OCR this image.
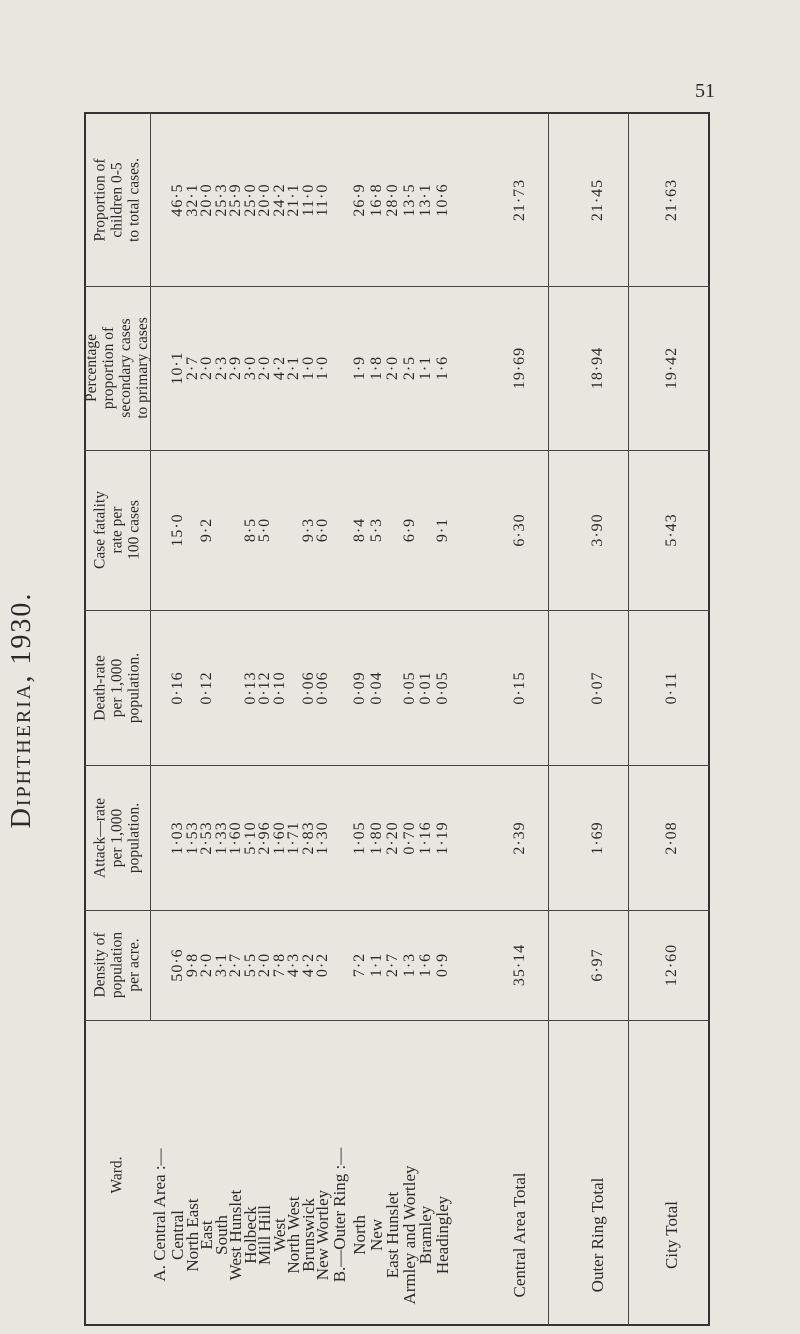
51
Diphtheria, 1930.
Proportion of children 0-5 to total cases.
Percentage proportion of secondary cases to primary cases
Case fatality rate per 100 cases
Death-rate per 1,000 population.
Attack—rate per 1,000 population.
Density of population per acre.
Ward. A. Central Area :— Central
46·5
10·1
15·0
0·16
1·03
50·6
North East
32·1
2·7
1·53
9·8
East
20·0
2·0
9·2
0·12
2·53
2·0
South
25·3
2·3
1·33
3·1
West Hunslet
25·9
2·9
1·60
2·7
Holbeck
25·0
3·0
8·5
0·13
5·10
5·5
Mill Hill
20·0
2·0
5·0
0·12
2·96
2·0
West
24·2
4·2
0·10
1·60
7·8
North West
21·1
2·1
1·71
4·3
Brunswick
11·0
1·0
9·3
0·06
2·83
4·2
New Wortley
11·0
1·0
6·0
0·06
1·30
0·2
B.—Outer Ring :— North
26·9
1·9
8·4
0·09
1·05
7·2
New
16·8
1·8
5·3
0·04
1·80
1·1
East Hunslet
28·0
2·0
2·20
2·7
Armley and Wortley
13·5
2·5
6·9
0·05
0·70
1·3
Bramley
13·1
1·1
0·01
1·16
1·6
Headingley
10·6
1·6
9·1
0·05
1·19
0·9
Central Area Total
21·73
19·69
6·30
0·15
2·39
35·14
Outer Ring Total
21·45
18·94
3·90
0·07
1·69
6·97
City Total
21·63
19·42
5·43
0·11
2·08
12·60
